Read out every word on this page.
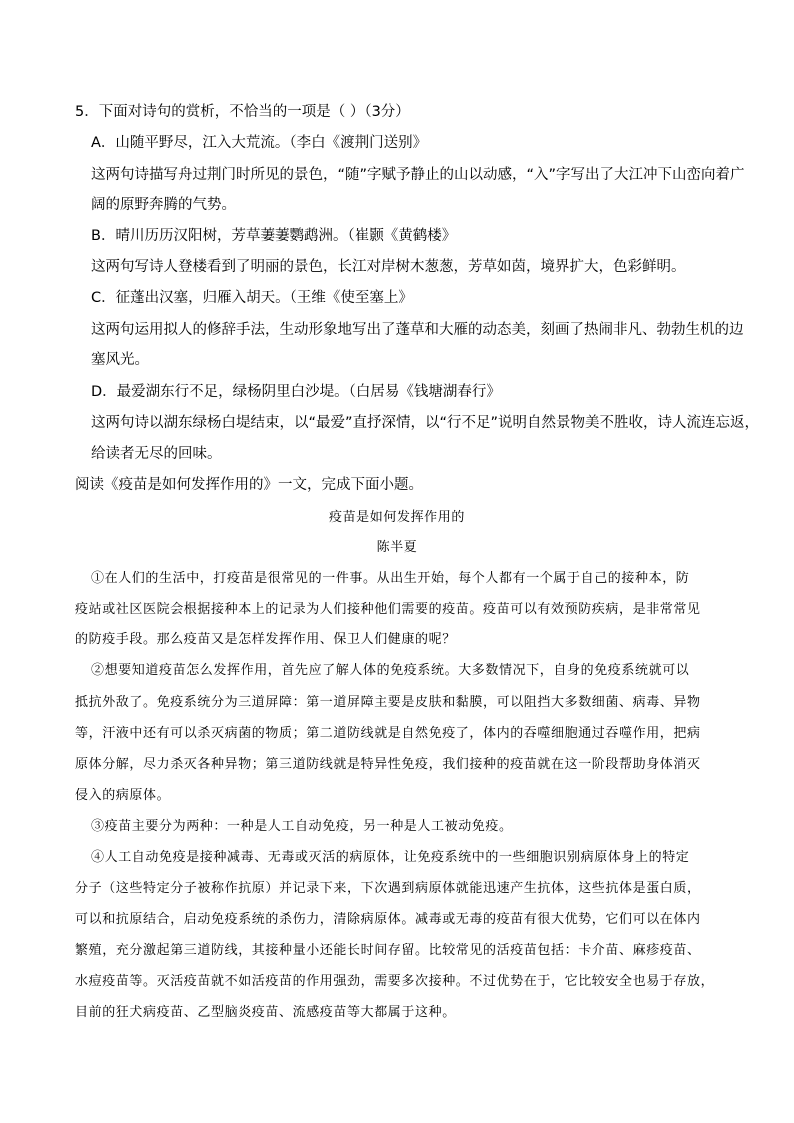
5．下面对诗句的赏析，不恰当的一项是（ ）（3分）
A．山随平野尽，江入大荒流。（李白《渡荆门送别》
这两句诗描写舟过荆门时所见的景色，“随”字赋予静止的山以动感，“入”字写出了大江冲下山峦向着广
阔的原野奔腾的气势。
B．晴川历历汉阳树，芳草萋萋鹦鹉洲。（崔颢《黄鹤楼》
这两句写诗人登楼看到了明丽的景色，长江对岸树木葱葱，芳草如茵，境界扩大，色彩鲜明。
C．征蓬出汉塞，归雁入胡天。（王维《使至塞上》
这两句运用拟人的修辞手法，生动形象地写出了蓬草和大雁的动态美，刻画了热闹非凡、勃勃生机的边
塞风光。
D．最爱湖东行不足，绿杨阴里白沙堤。（白居易《钱塘湖春行》
这两句诗以湖东绿杨白堤结束，以“最爱”直抒深情，以“行不足”说明自然景物美不胜收，诗人流连忘返，
给读者无尽的回味。
阅读《疫苗是如何发挥作用的》一文，完成下面小题。
疫苗是如何发挥作用的
陈半夏
①在人们的生活中，打疫苗是很常见的一件事。从出生开始，每个人都有一个属于自己的接种本，防
疫站或社区医院会根据接种本上的记录为人们接种他们需要的疫苗。疫苗可以有效预防疾病，是非常常见
的防疫手段。那么疫苗又是怎样发挥作用、保卫人们健康的呢？
②想要知道疫苗怎么发挥作用，首先应了解人体的免疫系统。大多数情况下，自身的免疫系统就可以
抵抗外敌了。免疫系统分为三道屏障：第一道屏障主要是皮肤和黏膜，可以阻挡大多数细菌、病毒、异物
等，汗液中还有可以杀灭病菌的物质；第二道防线就是自然免疫了，体内的吞噬细胞通过吞噬作用，把病
原体分解，尽力杀灭各种异物；第三道防线就是特异性免疫，我们接种的疫苗就在这一阶段帮助身体消灭
侵入的病原体。
③疫苗主要分为两种：一种是人工自动免疫，另一种是人工被动免疫。
④人工自动免疫是接种减毒、无毒或灭活的病原体，让免疫系统中的一些细胞识别病原体身上的特定
分子（这些特定分子被称作抗原）并记录下来，下次遇到病原体就能迅速产生抗体，这些抗体是蛋白质，
可以和抗原结合，启动免疫系统的杀伤力，清除病原体。减毒或无毒的疫苗有很大优势，它们可以在体内
繁殖，充分激起第三道防线，其接种量小还能长时间存留。比较常见的活疫苗包括：卡介苗、麻疹疫苗、
水痘疫苗等。灭活疫苗就不如活疫苗的作用强劲，需要多次接种。不过优势在于，它比较安全也易于存放，
目前的狂犬病疫苗、乙型脑炎疫苗、流感疫苗等大都属于这种。
